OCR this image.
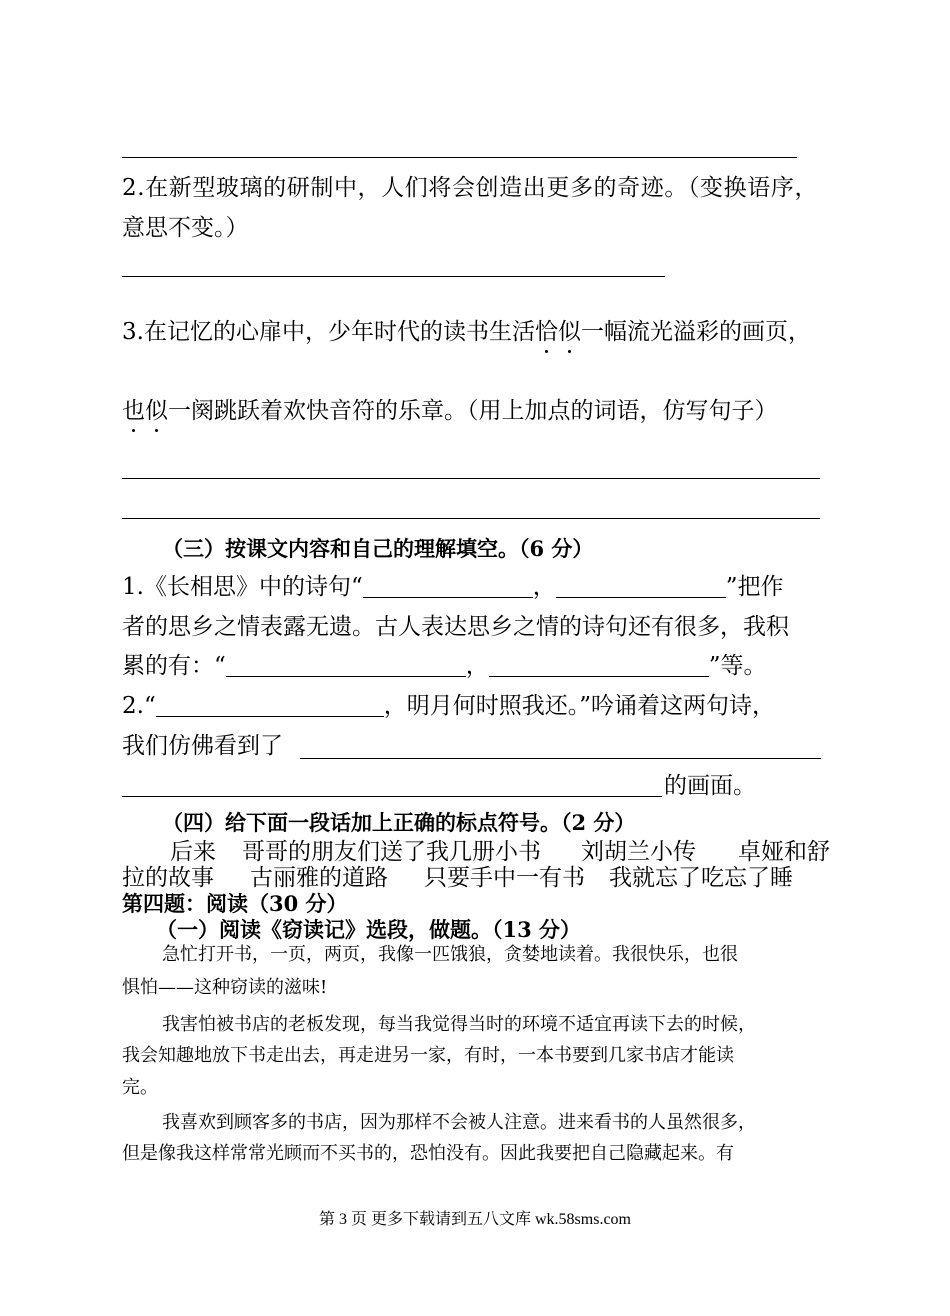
2.在新型玻璃的研制中，人们将会创造出更多的奇迹。（变换语序，
意思不变。）
3.在记忆的心扉中，少年时代的读书生活恰似一幅流光溢彩的画页，
也似一阕跳跃着欢快音符的乐章。（用上加点的词语，仿写句子）
（三）按课文内容和自己的理解填空。（6 分）
1.《长相思》中的诗句“	，	”把作
者的思乡之情表露无遗。古人表达思乡之情的诗句还有很多，我积
累的有：“	，	”等。
2.“	，明月何时照我还。”吟诵着这两句诗，
我们仿佛看到了
的画面。
（四）给下面一段话加上正确的标点符号。（2 分）
后来 哥哥的朋友们送了我几册小书 刘胡兰小传 卓娅和舒
拉的故事 古丽雅的道路 只要手中一有书 我就忘了吃忘了睡
第四题：阅读（30 分）
（一）阅读《窃读记》选段，做题。（13 分）
急忙打开书，一页，两页，我像一匹饿狼，贪婪地读着。我很快乐，也很
惧怕——这种窃读的滋味!
我害怕被书店的老板发现，每当我觉得当时的环境不适宜再读下去的时候，
我会知趣地放下书走出去，再走进另一家，有时，一本书要到几家书店才能读
完。
我喜欢到顾客多的书店，因为那样不会被人注意。进来看书的人虽然很多，
但是像我这样常常光顾而不买书的，恐怕没有。因此我要把自己隐藏起来。有
第 3 页 更多下载请到五八文库 wk.58sms.com
